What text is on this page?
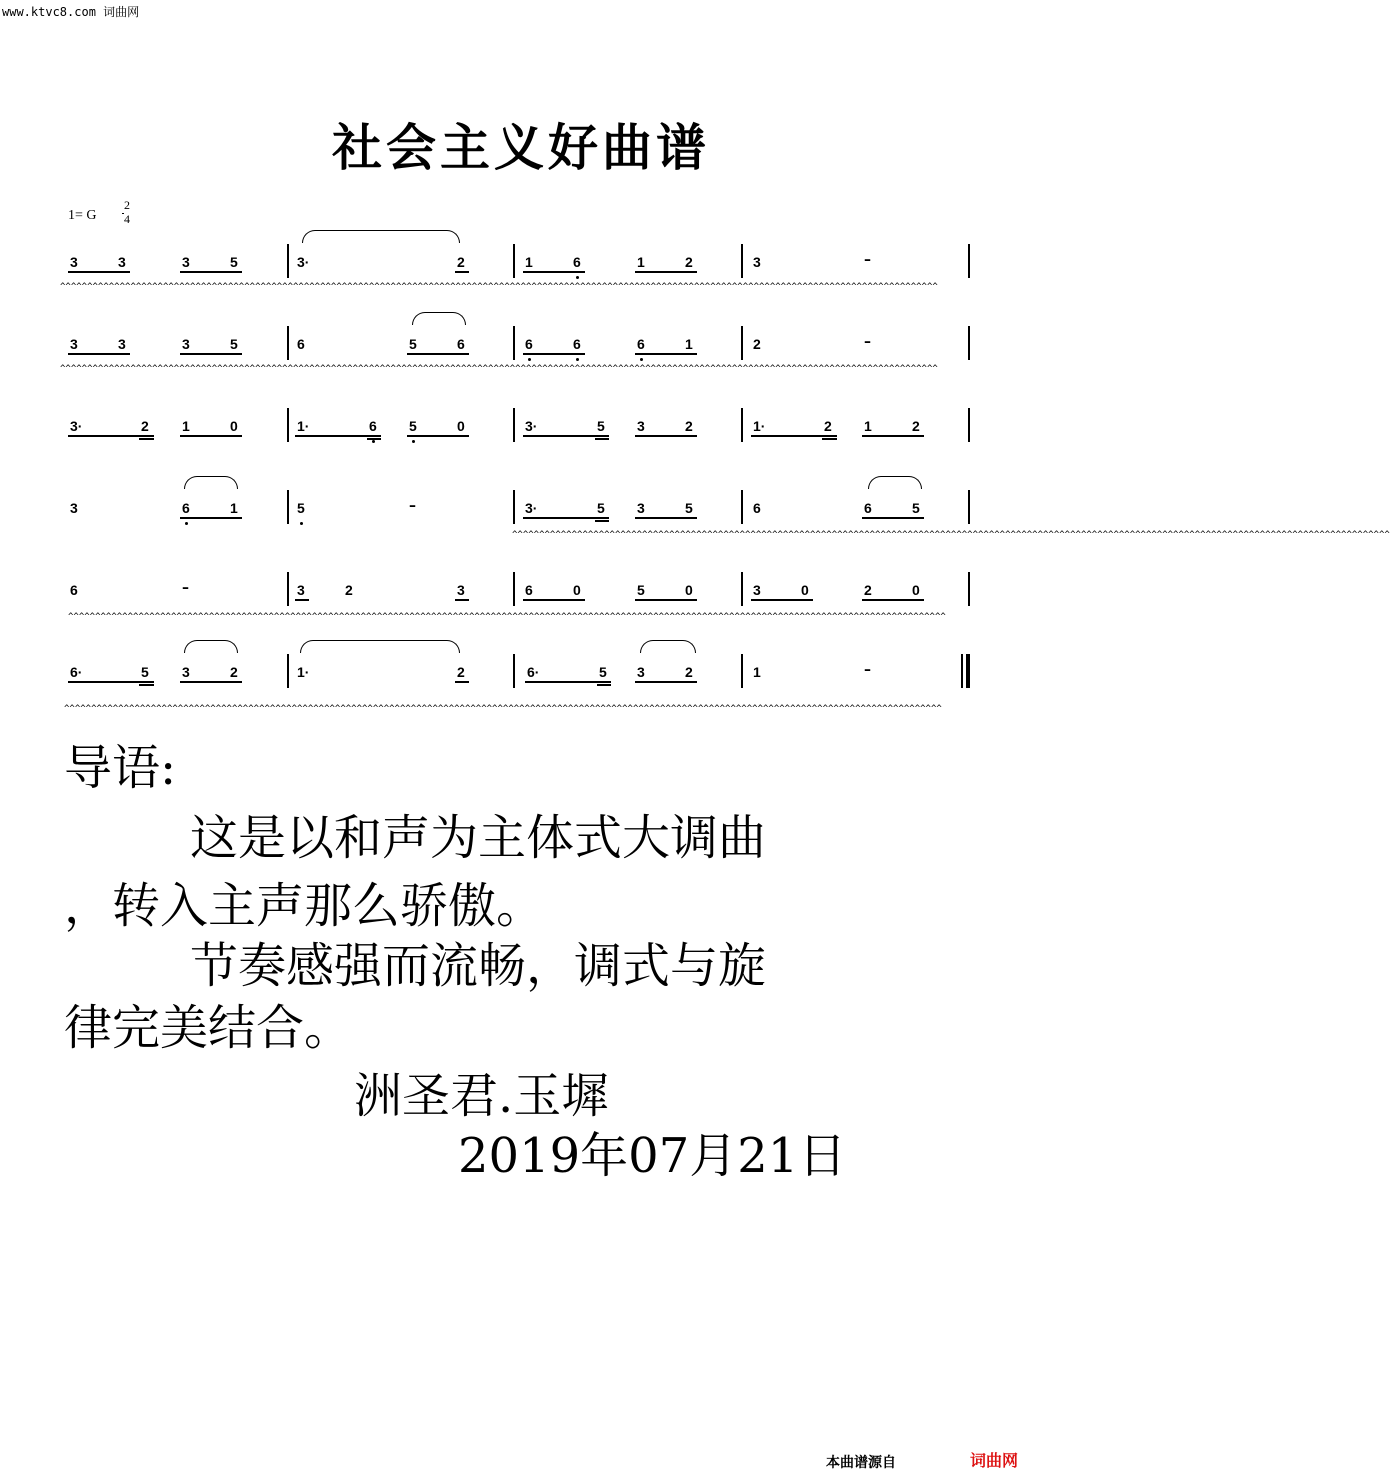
www.ktvc8.com 词曲网
社会主义好曲谱
1= G
2
4
3	3	3	5	3·	2	1	6	1	2	3	–
^^^^^^^^^^^^^^^^^^^^^^^^^^^^^^^^^^^^^^^^^^^^^^^^^^^^^^^^^^^^^^^^^^^^^^^^^^^^^^^^^^^^^^^^^^^^^^^^^^^^^^^^^^^^^^^^^^^^^^^^^^^^^^^^^^^^^^^^^^^^^^^^^^^^^^^^^^^^^^^^^^
3	3	3	5	6	5	6	6	6	6	1	2	–
^^^^^^^^^^^^^^^^^^^^^^^^^^^^^^^^^^^^^^^^^^^^^^^^^^^^^^^^^^^^^^^^^^^^^^^^^^^^^^^^^^^^^^^^^^^^^^^^^^^^^^^^^^^^^^^^^^^^^^^^^^^^^^^^^^^^^^^^^^^^^^^^^^^^^^^^^^^^^^^^^^
3·	2 1	0	1·	6 5	0	3·	5 3	2	1·	2 1	2
3	6	1	5	–	3·	5 3	5	6	6	5
^^^^^^^^^^^^^^^^^^^^^^^^^^^^^^^^^^^^^^^^^^^^^^^^^^^^^^^^^^^^^^^^^^^^^^^^^^^^^^^^^^^^^^^^^^^^^^^^^^^^^^^^^^^^^^^^^^^^^^^^^^^^^^^^^^^^^^^^^^^^^^^^^^^^^^^^^^^^^^^^^^
6	–	3	2	3	6	0	5	0	3	0	2	0
^^^^^^^^^^^^^^^^^^^^^^^^^^^^^^^^^^^^^^^^^^^^^^^^^^^^^^^^^^^^^^^^^^^^^^^^^^^^^^^^^^^^^^^^^^^^^^^^^^^^^^^^^^^^^^^^^^^^^^^^^^^^^^^^^^^^^^^^^^^^^^^^^^^^^^^^^^^^^^^^^^
6·	5 3	2	1·	2	6·	5 3	2	1	–
^^^^^^^^^^^^^^^^^^^^^^^^^^^^^^^^^^^^^^^^^^^^^^^^^^^^^^^^^^^^^^^^^^^^^^^^^^^^^^^^^^^^^^^^^^^^^^^^^^^^^^^^^^^^^^^^^^^^^^^^^^^^^^^^^^^^^^^^^^^^^^^^^^^^^^^^^^^^^^^^^^
导语:
这是以和声为主体式大调曲
，转入主声那么骄傲。
节奏感强而流畅，调式与旋
律完美结合。
洲圣君.玉墀
2019年07月21日
本曲谱源自	词曲网
